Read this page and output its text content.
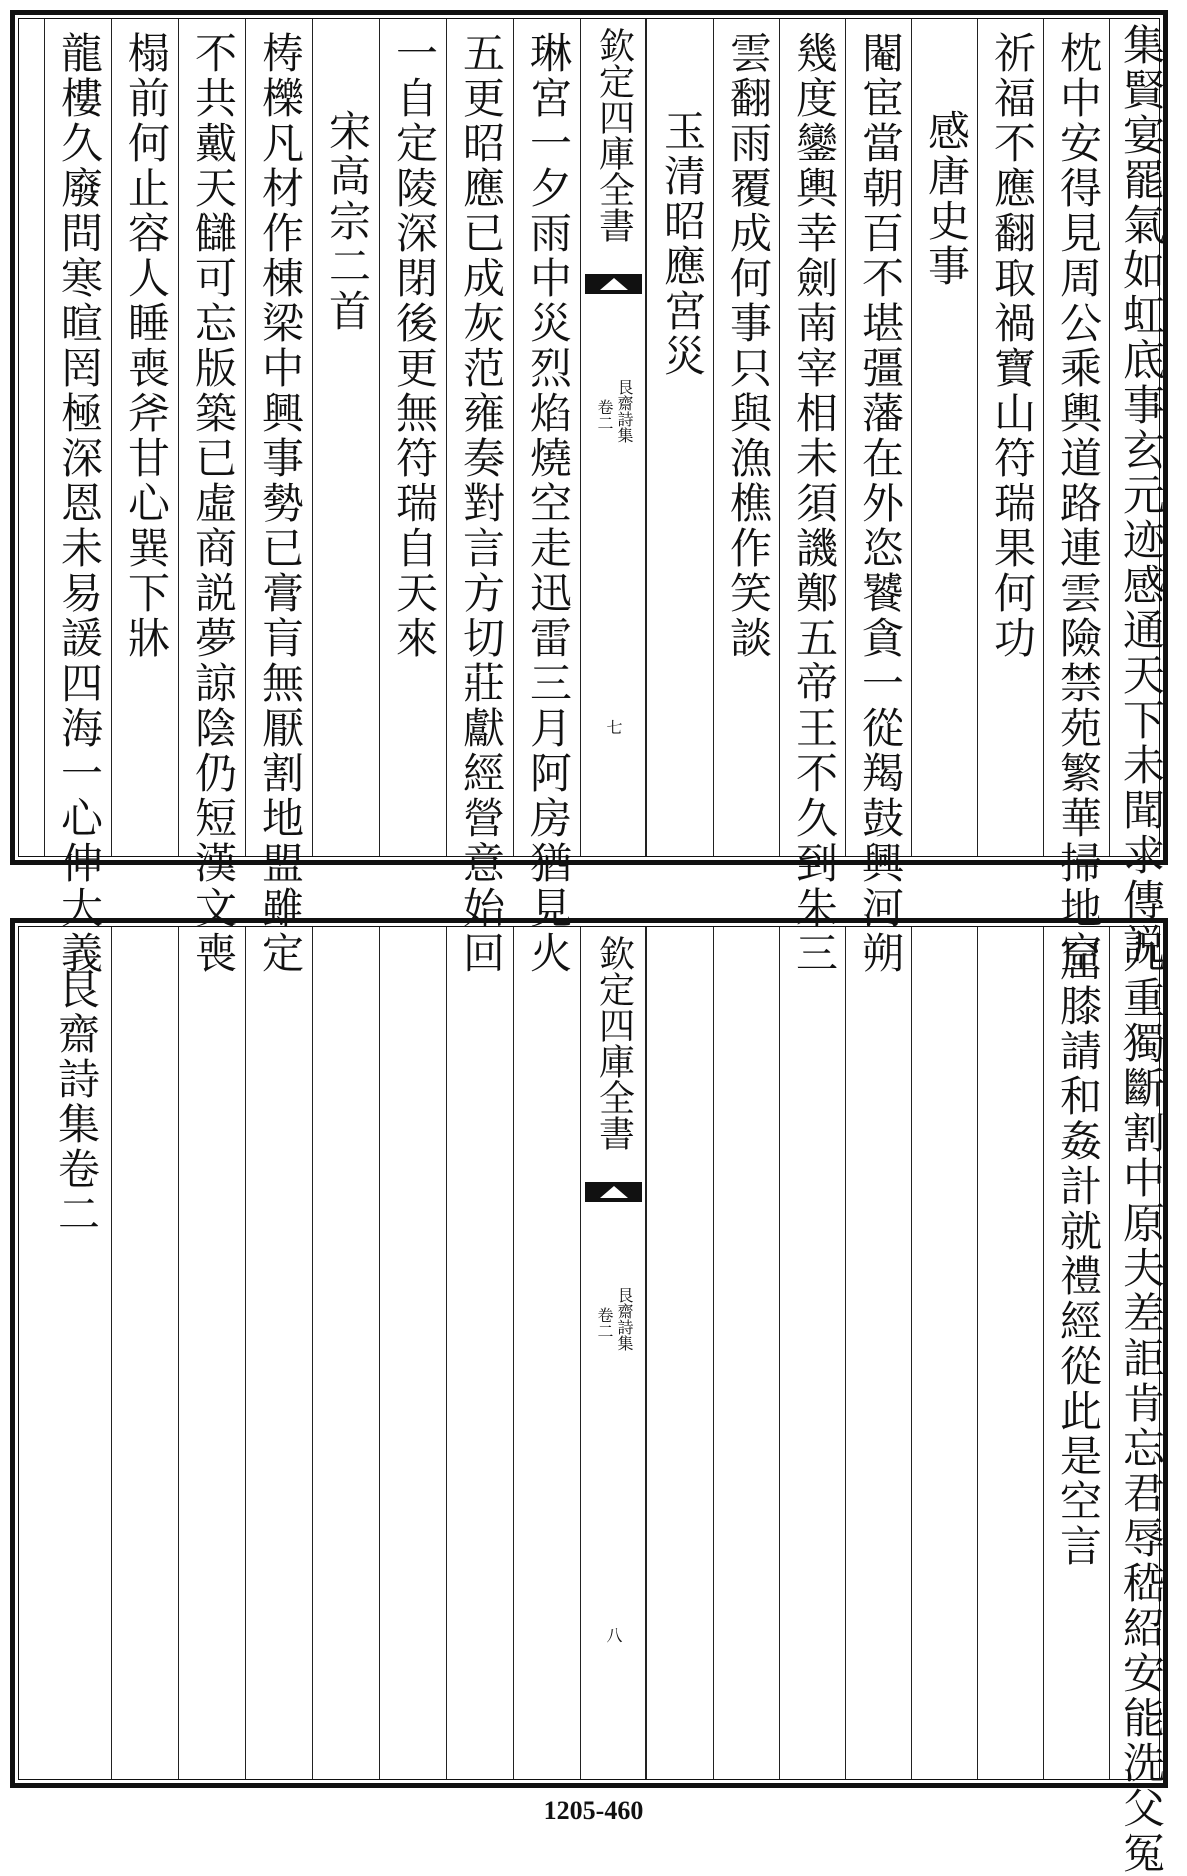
集賢宴罷氣如虹底事玄元迹感通天下未聞求傳説
枕中安得見周公乘輿道路連雲險禁苑繁華掃地空
祈福不應翻取禍寶山符瑞果何功
感唐史事
閹宦當朝百不堪彊藩在外恣饕貪一從羯鼓興河朔
幾度鑾輿幸劍南宰相未須譏鄭五帝王不久到朱三
雲翻雨覆成何事只與漁樵作笑談
玉清昭應宮災
欽定四庫全書
艮齋詩集
卷二
七
琳宮一夕雨中災烈焰燒空走迅雷三月阿房猶見火
五更昭應已成灰范雍奏對言方切莊獻經營意始回
一自定陵深閉後更無符瑞自天來
宋高宗二首
梼櫟凡材作棟梁中興事勢已膏肓無厭割地盟雖定
不共戴天讎可忘版築已虛商説夢諒陰仍短漢文喪
榻前何止容人睡喪斧甘心巽下牀
龍樓久廢問寒暄罔極深恩未易諼四海一心伸大義
九重獨斷割中原夫差詎肯忘君辱嵇紹安能洗父冤
屈膝請和姦計就禮經從此是空言
欽定四庫全書
艮齋詩集
卷二
八
艮齋詩集卷二
1205-460
